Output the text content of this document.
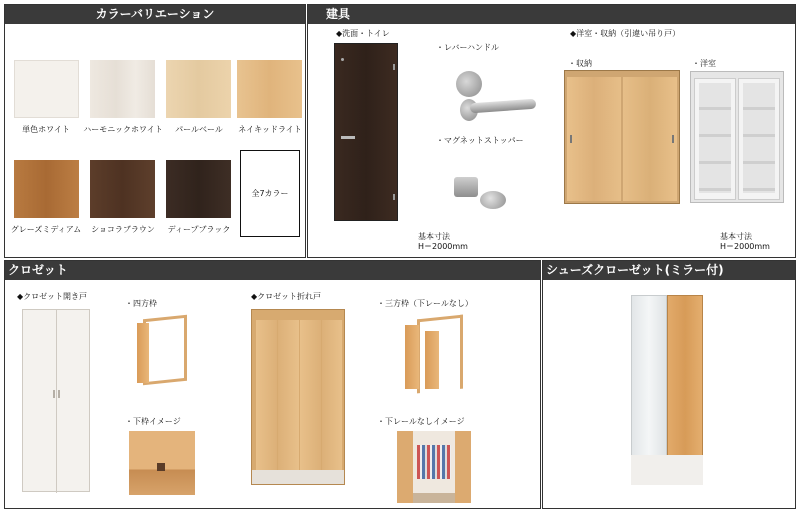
カラーバリエーション
単色ホワイト	ハーモニックホワイト	パールベール	ネイキッドライト
グレーズミディアム	ショコラブラウン	ディープブラック
全7カラー
建具
◆洗面・トイレ
・レバーハンドル
・マグネットストッパー
◆洋室・収納（引違い吊り戸）
・収納	・洋室
基本寸法
H＝2000mm
基本寸法
H＝2000mm
クロゼット
◆クロゼット開き戸
・四方枠
・下枠イメージ
◆クロゼット折れ戸
・三方枠（下レールなし）
・下レールなしイメージ
シューズクローゼット(ミラー付)
